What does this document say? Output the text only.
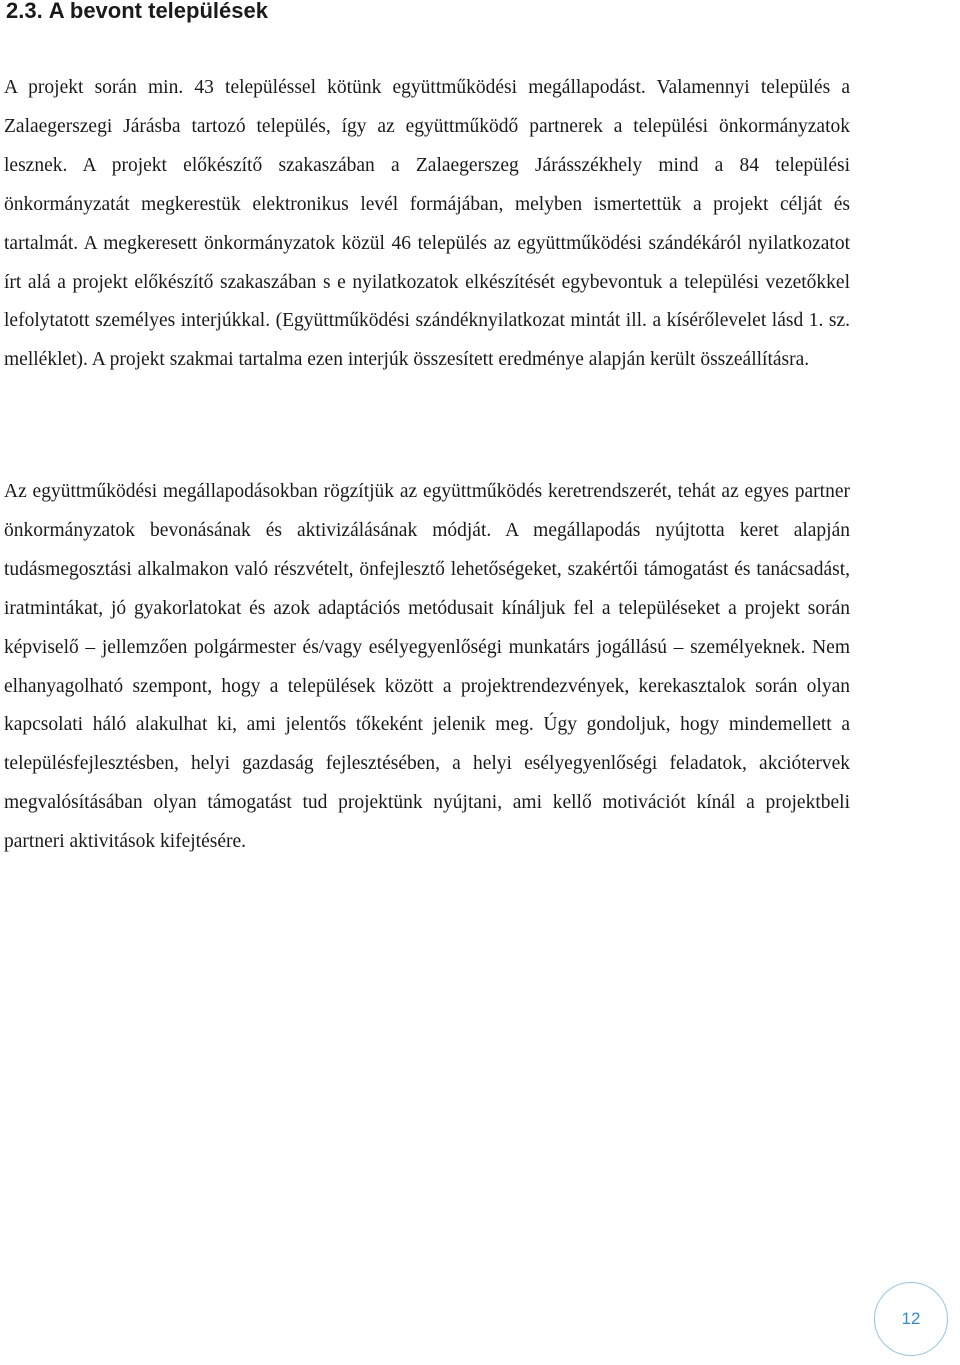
2.3. A bevont települések

A projekt során min. 43 településsel kötünk együttműködési megállapodást. Valamennyi település a Zalaegerszegi Járásba tartozó település, így az együttműködő partnerek a települési önkormányzatok lesznek. A projekt előkészítő szakaszában a Zalaegerszeg Járásszékhely mind a 84 települési önkormányzatát megkerestük elektronikus levél formájában, melyben ismertettük a projekt célját és tartalmát. A megkeresett önkormányzatok közül 46 település az együttműködési szándékáról nyilatkozatot írt alá a projekt előkészítő szakaszában s e nyilatkozatok elkészítését egybevontuk a települési vezetőkkel lefolytatott személyes interjúkkal. (Együttműködési szándéknyilatkozat mintát ill. a kísérőlevelet lásd 1. sz. melléklet). A projekt szakmai tartalma ezen interjúk összesített eredménye alapján került összeállításra.

Az együttműködési megállapodásokban rögzítjük az együttműködés keretrendszerét, tehát az egyes partner önkormányzatok bevonásának és aktivizálásának módját. A megállapodás nyújtotta keret alapján tudásmegosztási alkalmakon való részvételt, önfejlesztő lehetőségeket, szakértői támogatást és tanácsadást, iratmintákat, jó gyakorlatokat és azok adaptációs metódusait kínáljuk fel a településeket a projekt során képviselő – jellemzően polgármester és/vagy esélyegyenlőségi munkatárs jogállású – személyeknek. Nem elhanyagolható szempont, hogy a települések között a projektrendezvények, kerekasztalok során olyan kapcsolati háló alakulhat ki, ami jelentős tőkeként jelenik meg. Úgy gondoljuk, hogy mindemellett a településfejlesztésben, helyi gazdaság fejlesztésében, a helyi esélyegyenlőségi feladatok, akciótervek megvalósításában olyan támogatást tud projektünk nyújtani, ami kellő motivációt kínál a projektbeli partneri aktivitások kifejtésére.

12
